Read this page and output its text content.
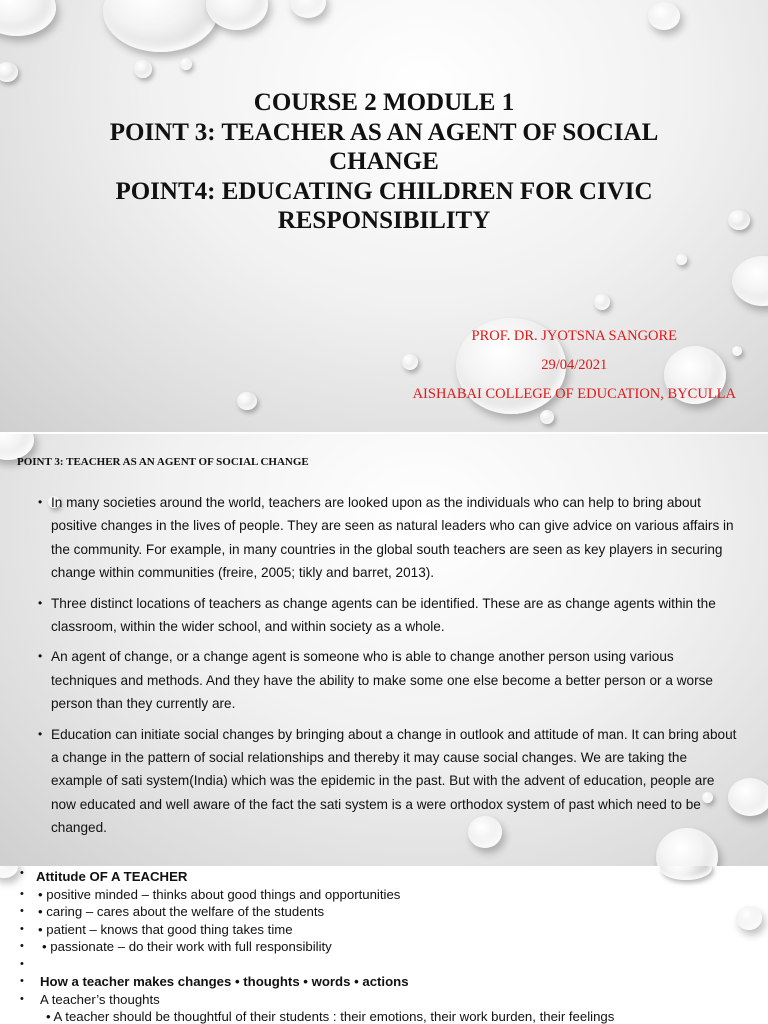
COURSE 2 MODULE 1
POINT 3: TEACHER AS AN AGENT OF SOCIAL
CHANGE
POINT4: EDUCATING CHILDREN FOR CIVIC
RESPONSIBILITY
PROF. DR. JYOTSNA SANGORE
29/04/2021
AISHABAI COLLEGE OF EDUCATION, BYCULLA
POINT 3: TEACHER AS AN AGENT OF SOCIAL CHANGE
• In many societies around the world, teachers are looked upon as the individuals who can help to bring about positive changes in the lives of people. They are seen as natural leaders who can give advice on various affairs in the community. For example, in many countries in the global south teachers are seen as key players in securing change within communities (freire, 2005; tikly and barret, 2013).
• Three distinct locations of teachers as change agents can be identified. These are as change agents within the classroom, within the wider school, and within society as a whole.
• An agent of change, or a change agent is someone who is able to change another person using various techniques and methods. And they have the ability to make some one else become a better person or a worse person than they currently are.
• Education can initiate social changes by bringing about a change in outlook and attitude of man. It can bring about a change in the pattern of social relationships and thereby it may cause social changes. We are taking the example of sati system(India) which was the epidemic in the past. But with the advent of education, people are now educated and well aware of the fact the sati system is a were orthodox system of past which need to be changed.
• Attitude OF A TEACHER
• • positive minded – thinks about good things and opportunities
• • caring – cares about the welfare of the students
• • patient – knows that good thing takes time
• • passionate – do their work with full responsibility
•
• How a teacher makes changes • thoughts • words • actions
• A teacher’s thoughts
• A teacher should be thoughtful of their students : their emotions, their work burden, their feelings
